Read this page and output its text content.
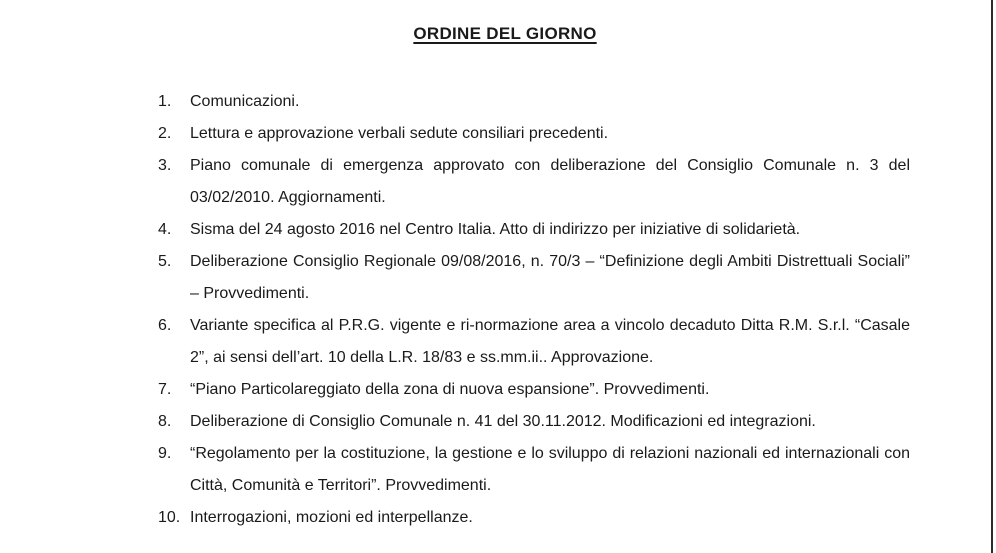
ORDINE DEL GIORNO
1.	Comunicazioni.
2.	Lettura e approvazione verbali sedute consiliari precedenti.
3.	Piano comunale di emergenza approvato con deliberazione del Consiglio Comunale n. 3 del 03/02/2010. Aggiornamenti.
4.	Sisma del 24 agosto 2016 nel Centro Italia. Atto di indirizzo per iniziative di solidarietà.
5.	Deliberazione Consiglio Regionale 09/08/2016, n. 70/3 – “Definizione degli Ambiti Distrettuali Sociali” – Provvedimenti.
6.	Variante specifica al P.R.G. vigente e ri-normazione area a vincolo decaduto Ditta R.M. S.r.l. “Casale 2”, ai sensi dell’art. 10 della L.R. 18/83 e ss.mm.ii.. Approvazione.
7.	“Piano Particolareggiato della zona di nuova espansione”. Provvedimenti.
8.	Deliberazione di Consiglio Comunale n. 41 del 30.11.2012. Modificazioni ed integrazioni.
9.	“Regolamento per la costituzione, la gestione e lo sviluppo di relazioni nazionali ed internazionali con Città, Comunità e Territori”. Provvedimenti.
10. Interrogazioni, mozioni ed interpellanze.
